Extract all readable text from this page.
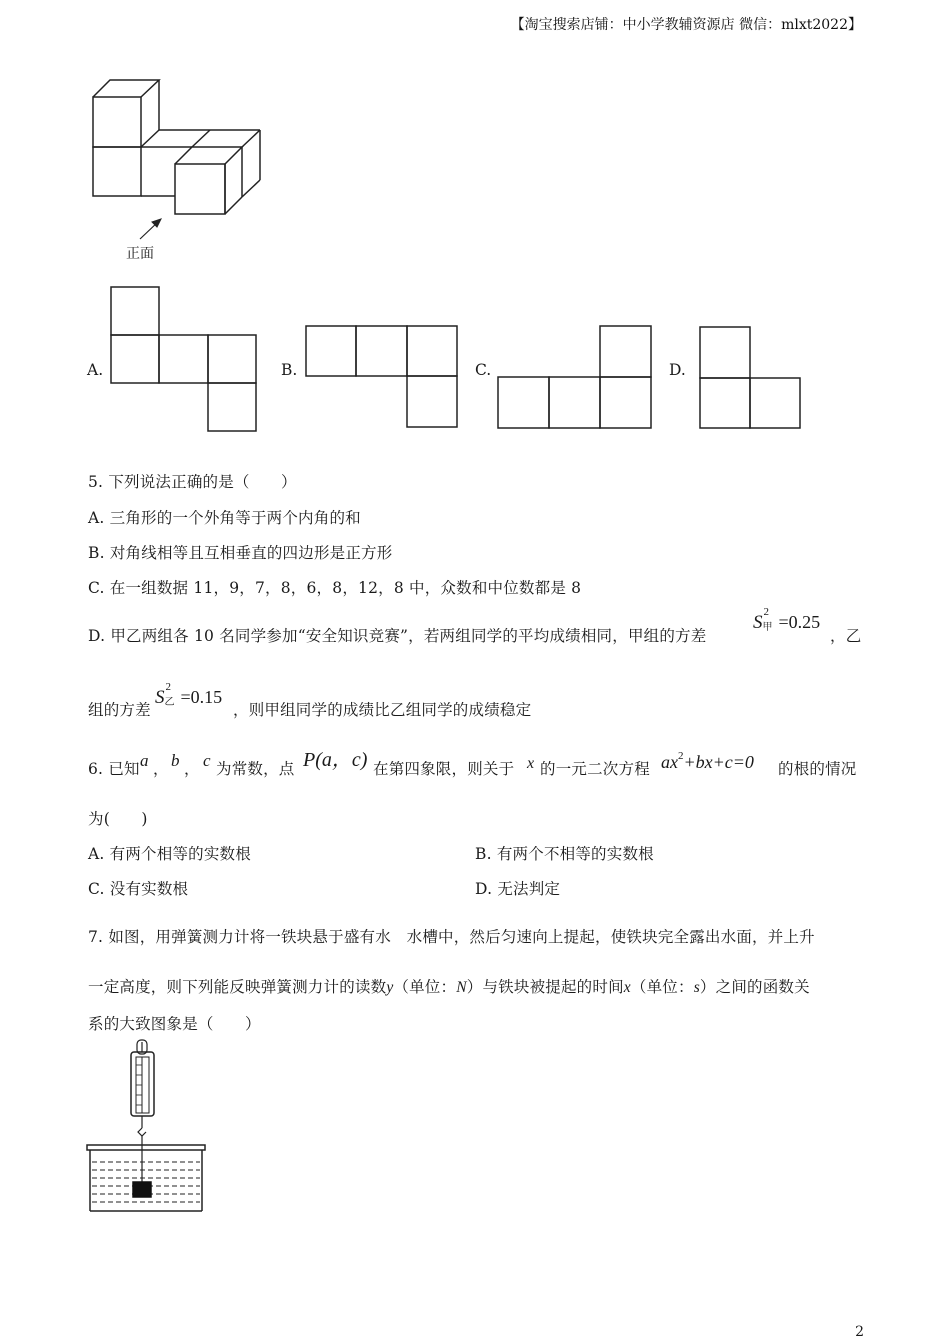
【淘宝搜索店铺：中小学教辅资源店 微信：mlxt2022】
正面
A.	B.	C.	D.
5. 下列说法正确的是（　　）
A. 三角形的一个外角等于两个内角的和
B. 对角线相等且互相垂直的四边形是正方形
C. 在一组数据 11，9，7，8，6，8，12，8 中，众数和中位数都是 8
D. 甲乙两组各 10 名同学参加“安全知识竞赛”，若两组同学的平均成绩相同，甲组的方差
S 2
甲 =0.25
，乙
组的方差
S 2
乙 =0.15
，则甲组同学的成绩比乙组同学的成绩稳定
6. 已知 a ， b ， c 为常数，点 P(a，c) 在第四象限，则关于 x 的一元二次方程 $ax^2+bx+c=0$ 的根的情况
为(　　)
A. 有两个相等的实数根	B. 有两个不相等的实数根
C. 没有实数根	D. 无法判定
7. 如图，用弹簧测力计将一铁块悬于盛有水　水槽中，然后匀速向上提起，使铁块完全露出水面，并上升
一定高度，则下列能反映弹簧测力计的读数y（单位：N）与铁块被提起的时间x（单位：s）之间的函数关
系的大致图象是（　　）
2
